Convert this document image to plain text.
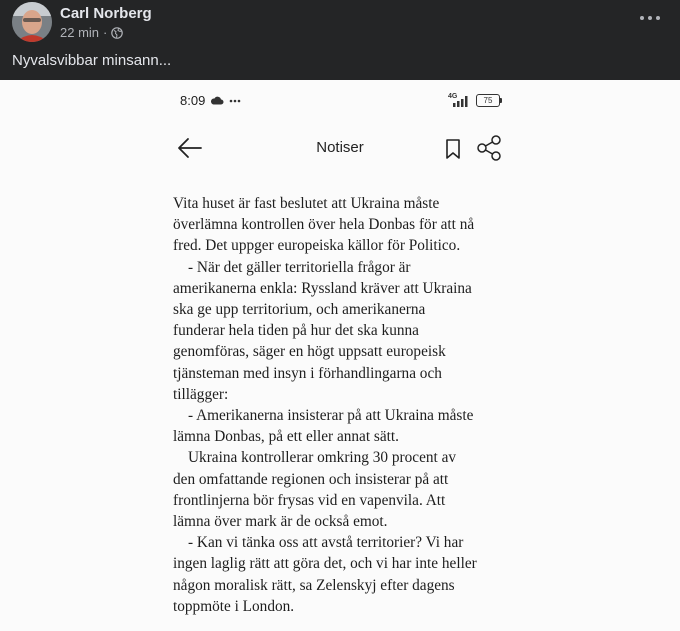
Carl Norberg
22 min ·
Nyvalsvibbar minsann...
8:09	4G	75
Notiser

Vita huset är fast beslutet att Ukraina måste
överlämna kontrollen över hela Donbas för att nå
fred. Det uppger europeiska källor för Politico.

- När det gäller territoriella frågor är
amerikanerna enkla: Ryssland kräver att Ukraina
ska ge upp territorium, och amerikanerna
funderar hela tiden på hur det ska kunna
genomföras, säger en högt uppsatt europeisk
tjänsteman med insyn i förhandlingarna och
tillägger:

- Amerikanerna insisterar på att Ukraina måste
lämna Donbas, på ett eller annat sätt.

Ukraina kontrollerar omkring 30 procent av
den omfattande regionen och insisterar på att
frontlinjerna bör frysas vid en vapenvila. Att
lämna över mark är de också emot.

- Kan vi tänka oss att avstå territorier? Vi har
ingen laglig rätt att göra det, och vi har inte heller
någon moralisk rätt, sa Zelenskyj efter dagens
toppmöte i London.
